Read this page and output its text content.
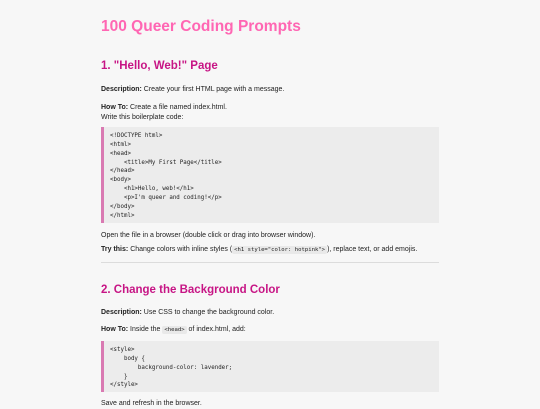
100 Queer Coding Prompts
1. "Hello, Web!" Page
Description: Create your first HTML page with a message.
How To: Create a file named index.html.
Write this boilerplate code:
<!DOCTYPE html>
<html>
<head>
<title>My First Page</title>
</head>
<body>
<h1>Hello, web!</h1>
<p>I'm queer and coding!</p>
</body>
</html>
Open the file in a browser (double click or drag into browser window).
Try this: Change colors with inline styles ( <h1 style="color: hotpink"> ), replace text, or add emojis.
2. Change the Background Color
Description: Use CSS to change the background color.
How To: Inside the <head> of index.html, add:
<style>
body {
background-color: lavender;
}
</style>
Save and refresh in the browser.
